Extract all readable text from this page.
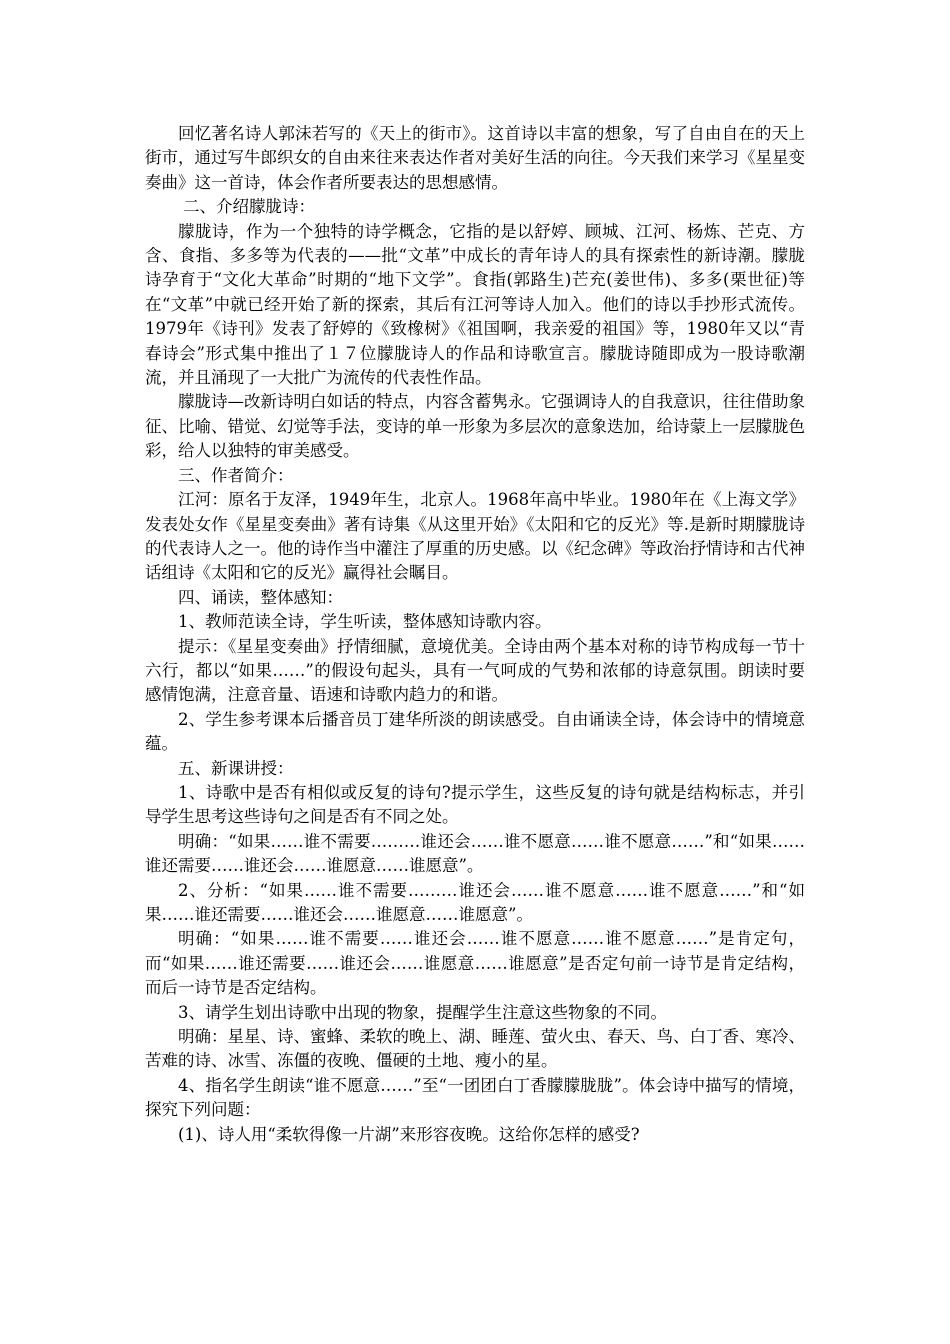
回忆著名诗人郭沫若写的《天上的街市》。这首诗以丰富的想象，写了自由自在的天上街市，通过写牛郎织女的自由来往来表达作者对美好生活的向往。今天我们来学习《星星变奏曲》这一首诗，体会作者所要表达的思想感情。

二、介绍朦胧诗：

朦胧诗，作为一个独特的诗学概念，它指的是以舒婷、顾城、江河、杨炼、芒克、方含、食指、多多等为代表的——批“文革”中成长的青年诗人的具有探索性的新诗潮。朦胧诗孕育于“文化大革命”时期的“地下文学”。食指(郭路生)芒充(姜世伟)、多多(栗世征)等在“文革”中就已经开始了新的探索，其后有江河等诗人加入。他们的诗以手抄形式流传。1979年《诗刊》发表了舒婷的《致橡树》《祖国啊，我亲爱的祖国》等，1980年又以“青春诗会”形式集中推出了１７位朦胧诗人的作品和诗歌宣言。朦胧诗随即成为一股诗歌潮流，并且涌现了一大批广为流传的代表性作品。

朦胧诗—改新诗明白如话的特点，内容含蓄隽永。它强调诗人的自我意识，往往借助象征、比喻、错觉、幻觉等手法，变诗的单一形象为多层次的意象迭加，给诗蒙上一层朦胧色彩，给人以独特的审美感受。

三、作者简介：

江河：原名于友泽，1949年生，北京人。1968年高中毕业。1980年在《上海文学》发表处女作《星星变奏曲》著有诗集《从这里开始》《太阳和它的反光》等.是新时期朦胧诗的代表诗人之一。他的诗作当中灌注了厚重的历史感。以《纪念碑》等政治抒情诗和古代神话组诗《太阳和它的反光》赢得社会瞩目。

四、诵读，整体感知：

1、教师范读全诗，学生听读，整体感知诗歌内容。

提示：《星星变奏曲》抒情细腻，意境优美。全诗由两个基本对称的诗节构成每一节十六行，都以“如果……”的假设句起头，具有一气呵成的气势和浓郁的诗意氛围。朗读时要感情饱满，注意音量、语速和诗歌内趋力的和谐。

2、学生参考课本后播音员丁建华所淡的朗读感受。自由诵读全诗，体会诗中的情境意蕴。

五、新课讲授：

1、诗歌中是否有相似或反复的诗句?提示学生，这些反复的诗句就是结构标志，并引导学生思考这些诗句之间是否有不同之处。

明确：“如果……谁不需要………谁还会……谁不愿意……谁不愿意……”和“如果……谁还需要……谁还会……谁愿意……谁愿意”。

2、分析：“如果……谁不需要………谁还会……谁不愿意……谁不愿意……”和“如果……谁还需要……谁还会……谁愿意……谁愿意”。

明确：“如果……谁不需要……谁还会……谁不愿意……谁不愿意……”是肯定句，而“如果……谁还需要……谁还会……谁愿意……谁愿意”是否定句前一诗节是肯定结构，而后一诗节是否定结构。

3、请学生划出诗歌中出现的物象，提醒学生注意这些物象的不同。

明确：星星、诗、蜜蜂、柔软的晚上、湖、睡莲、萤火虫、春天、鸟、白丁香、寒冷、苦难的诗、冰雪、冻僵的夜晚、僵硬的土地、瘦小的星。

4、指名学生朗读“谁不愿意……”至“一团团白丁香朦朦胧胧”。体会诗中描写的情境，探究下列问题：

(1)、诗人用“柔软得像一片湖”来形容夜晚。这给你怎样的感受?
